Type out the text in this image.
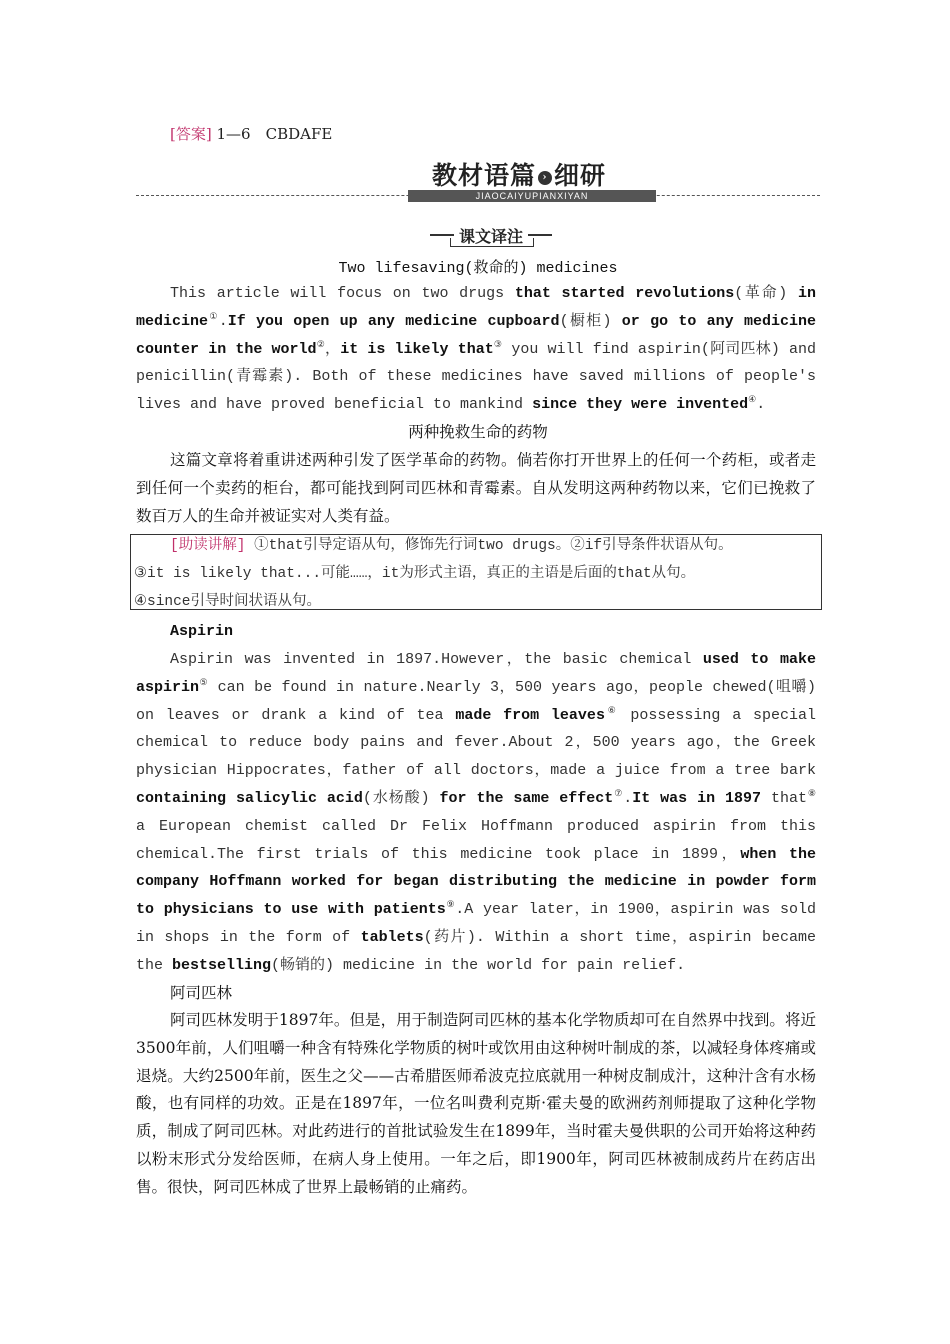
[答案] 1—6　CBDAFE
教材语篇 › 细研
JIAOCAIYUPIANXIYAN
课文译注
Two lifesaving(救命的) medicines
This article will focus on two drugs that started revolutions(革命) in medicine①.If you open up any medicine cupboard(橱柜) or go to any medicine counter in the world②，it is likely that③ you will find aspirin(阿司匹林) and penicillin(青霉素). Both of these medicines have saved millions of people's lives and have proved beneficial to mankind since they were invented④.
两种挽救生命的药物
这篇文章将着重讲述两种引发了医学革命的药物。倘若你打开世界上的任何一个药柜，或者走到任何一个卖药的柜台，都可能找到阿司匹林和青霉素。自从发明这两种药物以来，它们已挽救了数百万人的生命并被证实对人类有益。
[助读讲解] ①that引导定语从句，修饰先行词two drugs。②if引导条件状语从句。
③it is likely that...可能……，it为形式主语，真正的主语是后面的that从句。
④since引导时间状语从句。
Aspirin
Aspirin was invented in 1897.However，the basic chemical used to make aspirin⑤ can be found in nature.Nearly 3，500 years ago，people chewed(咀嚼) on leaves or drank a kind of tea made from leaves⑥ possessing a special chemical to reduce body pains and fever.About 2，500 years ago，the Greek physician Hippocrates，father of all doctors，made a juice from a tree bark containing salicylic acid(水杨酸) for the same effect⑦.It was in 1897 that⑧ a European chemist called Dr Felix Hoffmann produced aspirin from this chemical.The first trials of this medicine took place in 1899，when the company Hoffmann worked for began distributing the medicine in powder form to physicians to use with patients⑨.A year later，in 1900，aspirin was sold in shops in the form of tablets(药片). Within a short time，aspirin became the bestselling(畅销的) medicine in the world for pain relief.
阿司匹林
阿司匹林发明于1897年。但是，用于制造阿司匹林的基本化学物质却可在自然界中找到。将近3500年前，人们咀嚼一种含有特殊化学物质的树叶或饮用由这种树叶制成的茶，以减轻身体疼痛或退烧。大约2500年前，医生之父——古希腊医师希波克拉底就用一种树皮制成汁，这种汁含有水杨酸，也有同样的功效。正是在1897年，一位名叫费利克斯·霍夫曼的欧洲药剂师提取了这种化学物质，制成了阿司匹林。对此药进行的首批试验发生在1899年，当时霍夫曼供职的公司开始将这种药以粉末形式分发给医师，在病人身上使用。一年之后，即1900年，阿司匹林被制成药片在药店出售。很快，阿司匹林成了世界上最畅销的止痛药。
